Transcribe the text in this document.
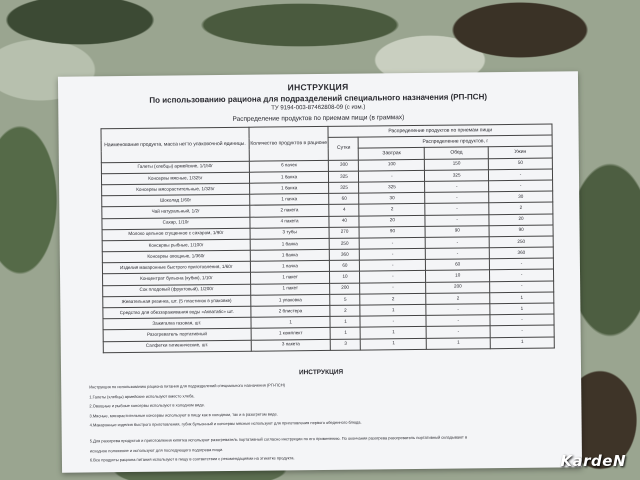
ИНСТРУКЦИЯ
По использованию рациона для подразделений специального назначения (РП-ПСН)
ТУ 9194-003-87462808-09 (с изм.)
Распределение продуктов по приемам пищи (в граммах)
Наименование продукта, масса нетто упаковочной единицы.	Количество продуктов в рационе	Распределение продуктов по приемам пищи			
		Сутки	Распределение продуктов, г		
			Завтрак	Обед	Ужин
Галеты (хлебцы) армейские, 1/150г	6 пачек	300	100	150	50
Консервы мясные, 1/325г	1 банка	325	-	325	-
Консервы мясорастительные, 1/325г	1 банка	325	325	-	-
Шоколад 1/60г	1 пачка	60	30	-	30
Чай натуральный, 1/2г	2 пакета	4	2	-	2
Сахар, 1/10г	4 пакета	40	20	-	20
Молоко цельное сгущенное с сахаром, 1/90г	3 тубы	270	90	90	90
Консервы рыбные, 1/100г	1 банка	250	-	-	250
Консервы овощные, 1/360г	1 банка	360	-	-	360
Изделия макаронные быстрого приготовления, 1/60г	1 пачка	60	-	60	-
Концентрат бульона (кубик), 1/10г	1 пакет	10	-	10	-
Сок плодовый (фруктовый), 1/200г	1 пакет	200	-	200	-
Жевательная резинка, шт. (5 пластинок в упаковке)	1 упаковка	5	2	2	1
Средство для обеззараживания воды «Акватабс» шт.	2 блистера	2	1	-	1
Зажигалка газовая, шт.	1	1	-	-	-
Разогреватель портативный	1 комплект	1	1	-	-
Салфетки гигиенические, шт.	3 пакета	3	1	1	1
ИНСТРУКЦИЯ
Инструкция по использованию рациона питания для подразделений специального назначения (РП-ПСН)
1.Галеты (хлебцы) армейские используют вместо хлеба.
2.Овощные и рыбные консервы используют в холодном виде.
3.Мясные, мясорастительные консервы используют в пищу как в холодном, так и в разогретом виде.
4.Макаронные изделия быстрого приготовления, губик бульонный и консервы мясные используют для приготовления первого обеденного блюда.
5.Для разогрева продуктов и приготовления кипятка используют разогреватель портативный согласно инструкции по его применению. По окончании разогрева разогреватель портативный складывают в
исходное положение и используют для последующего подогрева пищи.
6.Все продукты рациона питания используют в пищу в соответствии с рекомендациями на этикетке продукта.	KardeN
